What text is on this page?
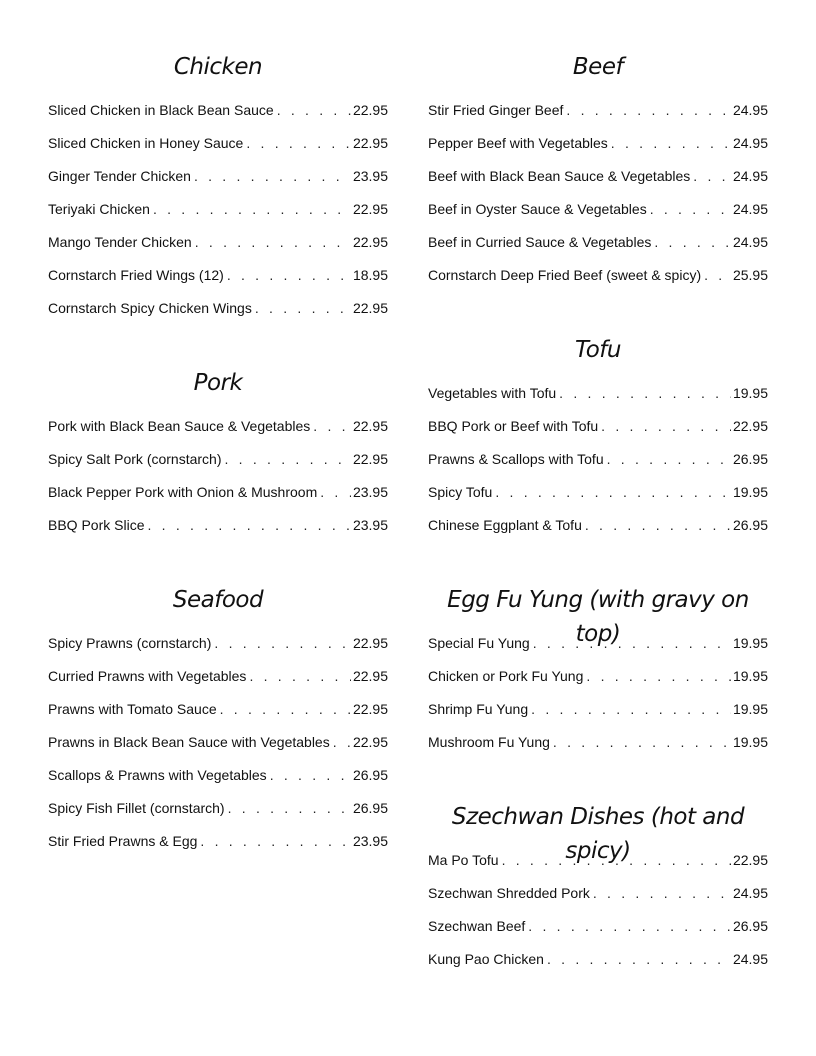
Chicken
Sliced Chicken in Black Bean Sauce . . .	22.95
Sliced Chicken in Honey Sauce . . .	22.95
Ginger Tender Chicken . . .	23.95
Teriyaki Chicken . . .	22.95
Mango Tender Chicken . . .	22.95
Cornstarch Fried Wings (12) . . .	18.95
Cornstarch Spicy Chicken Wings . . .	22.95
Pork
Pork with Black Bean Sauce & Vegetables . . .	22.95
Spicy Salt Pork (cornstarch) . . .	22.95
Black Pepper Pork with Onion & Mushroom . . .	23.95
BBQ Pork Slice . . .	23.95
Seafood
Spicy Prawns (cornstarch) . . .	22.95
Curried Prawns with Vegetables . . .	22.95
Prawns with Tomato Sauce . . .	22.95
Prawns in Black Bean Sauce with Vegetables . . . 22.95
Scallops & Prawns with Vegetables . . .	26.95
Spicy Fish Fillet (cornstarch) . . .	26.95
Stir Fried Prawns & Egg . . .	23.95
Beef
Stir Fried Ginger Beef . . .	24.95
Pepper Beef with Vegetables . . .	24.95
Beef with Black Bean Sauce & Vegetables . . .	24.95
Beef in Oyster Sauce & Vegetables . . .	24.95
Beef in Curried Sauce & Vegetables . . .	24.95
Cornstarch Deep Fried Beef (sweet & spicy) . . . 25.95
Tofu
Vegetables with Tofu . . .	19.95
BBQ Pork or Beef with Tofu . . .	22.95
Prawns & Scallops with Tofu . . .	26.95
Spicy Tofu . . .	19.95
Chinese Eggplant & Tofu . . .	26.95
Egg Fu Yung (with gravy on top)
Special Fu Yung . . .	19.95
Chicken or Pork Fu Yung . . .	19.95
Shrimp Fu Yung . . .	19.95
Mushroom Fu Yung . . .	19.95
Szechwan Dishes (hot and spicy)
Ma Po Tofu . . .	22.95
Szechwan Shredded Pork . . .	24.95
Szechwan Beef . . .	26.95
Kung Pao Chicken . . .	24.95
